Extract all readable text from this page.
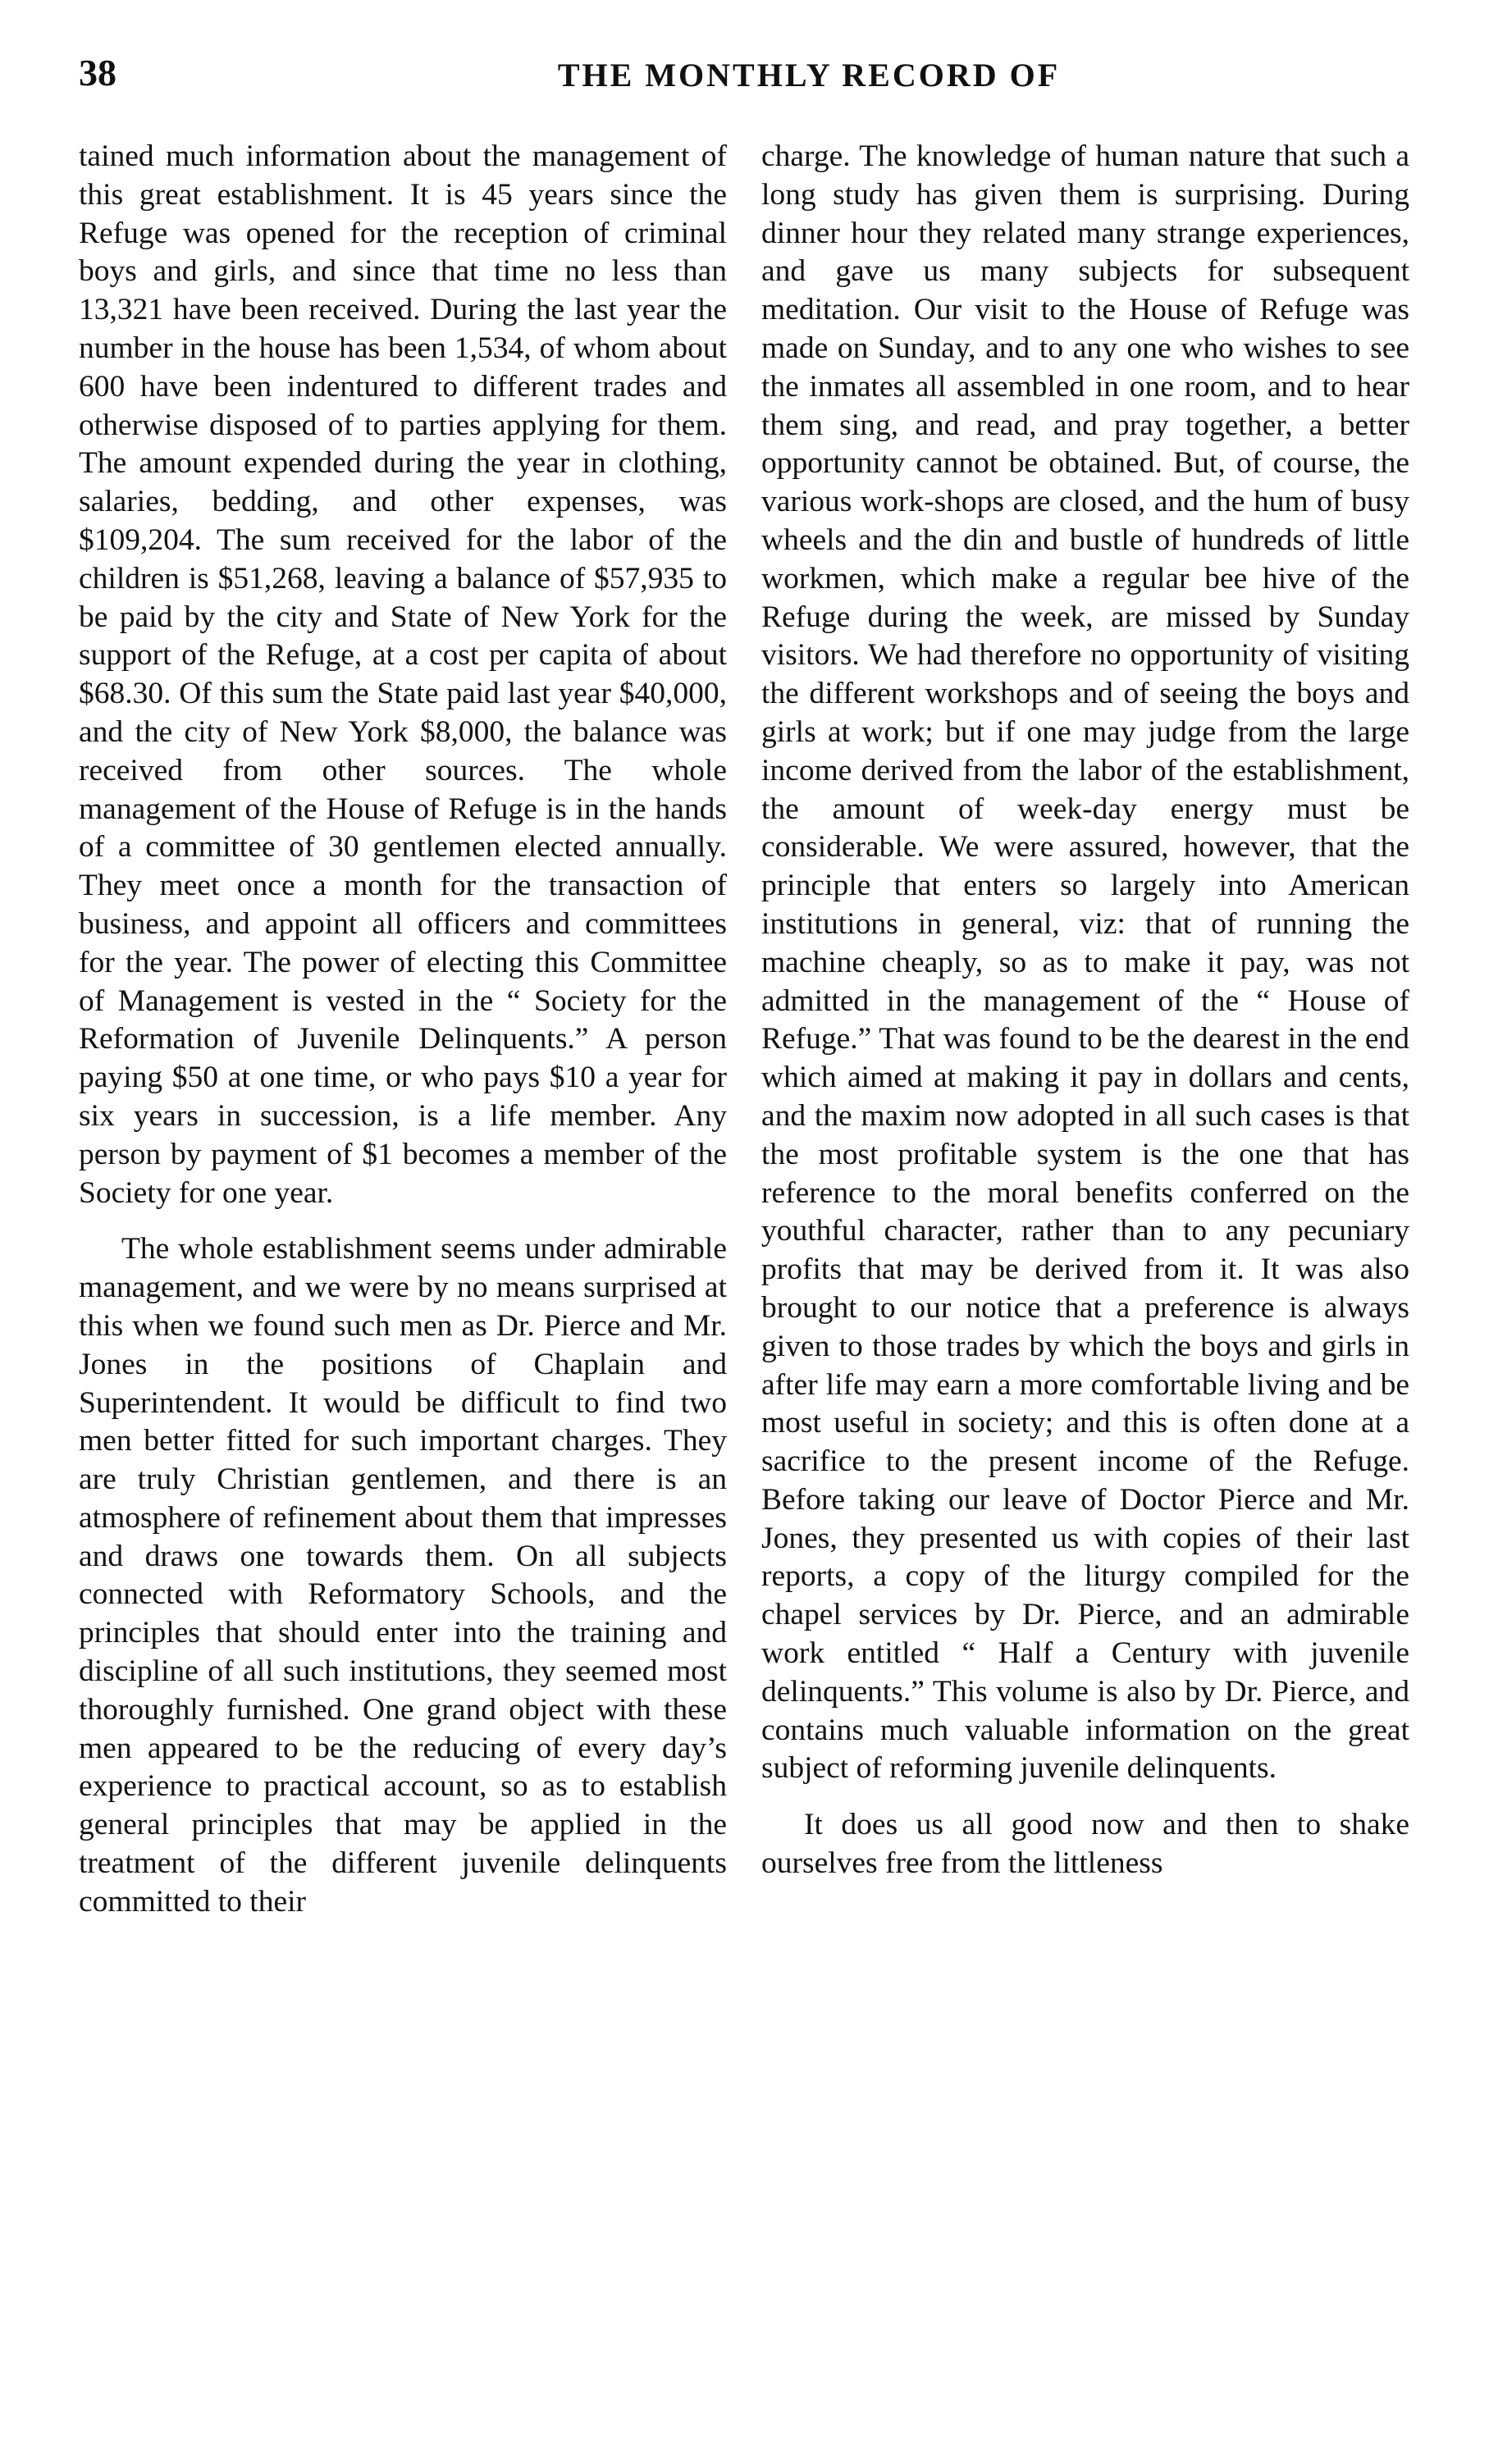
38	THE MONTHLY RECORD OF

tained much information about the management of this great establishment. It is 45 years since the Refuge was opened for the reception of criminal boys and girls, and since that time no less than 13,321 have been received. During the last year the number in the house has been 1,534, of whom about 600 have been indentured to different trades and otherwise disposed of to parties applying for them. The amount expended during the year in clothing, salaries, bedding, and other expenses, was $109,204. The sum received for the labor of the children is $51,268, leaving a balance of $57,935 to be paid by the city and State of New York for the support of the Refuge, at a cost per capita of about $68.30. Of this sum the State paid last year $40,000, and the city of New York $8,000, the balance was received from other sources. The whole management of the House of Refuge is in the hands of a committee of 30 gentlemen elected annually. They meet once a month for the transaction of business, and appoint all officers and committees for the year. The power of electing this Committee of Management is vested in the “ Society for the Reformation of Juvenile Delinquents.” A person paying $50 at one time, or who pays $10 a year for six years in succession, is a life member. Any person by payment of $1 becomes a member of the Society for one year.

The whole establishment seems under admirable management, and we were by no means surprised at this when we found such men as Dr. Pierce and Mr. Jones in the positions of Chaplain and Superintendent. It would be difficult to find two men better fitted for such important charges. They are truly Christian gentlemen, and there is an atmosphere of refinement about them that impresses and draws one towards them. On all subjects connected with Reformatory Schools, and the principles that should enter into the training and discipline of all such institutions, they seemed most thoroughly furnished. One grand object with these men appeared to be the reducing of every day’s experience to practical account, so as to establish general principles that may be applied in the treatment of the different juvenile delinquents committed to their

charge. The knowledge of human nature that such a long study has given them is surprising. During dinner hour they related many strange experiences, and gave us many subjects for subsequent meditation. Our visit to the House of Refuge was made on Sunday, and to any one who wishes to see the inmates all assembled in one room, and to hear them sing, and read, and pray together, a better opportunity cannot be obtained. But, of course, the various work-shops are closed, and the hum of busy wheels and the din and bustle of hundreds of little workmen, which make a regular bee hive of the Refuge during the week, are missed by Sunday visitors. We had therefore no opportunity of visiting the different workshops and of seeing the boys and girls at work; but if one may judge from the large income derived from the labor of the establishment, the amount of week-day energy must be considerable. We were assured, however, that the principle that enters so largely into American institutions in general, viz: that of running the machine cheaply, so as to make it pay, was not admitted in the management of the “ House of Refuge.” That was found to be the dearest in the end which aimed at making it pay in dollars and cents, and the maxim now adopted in all such cases is that the most profitable system is the one that has reference to the moral benefits conferred on the youthful character, rather than to any pecuniary profits that may be derived from it. It was also brought to our notice that a preference is always given to those trades by which the boys and girls in after life may earn a more comfortable living and be most useful in society; and this is often done at a sacrifice to the present income of the Refuge. Before taking our leave of Doctor Pierce and Mr. Jones, they presented us with copies of their last reports, a copy of the liturgy compiled for the chapel services by Dr. Pierce, and an admirable work entitled “ Half a Century with juvenile delinquents.” This volume is also by Dr. Pierce, and contains much valuable information on the great subject of reforming juvenile delinquents.

It does us all good now and then to shake ourselves free from the littleness
